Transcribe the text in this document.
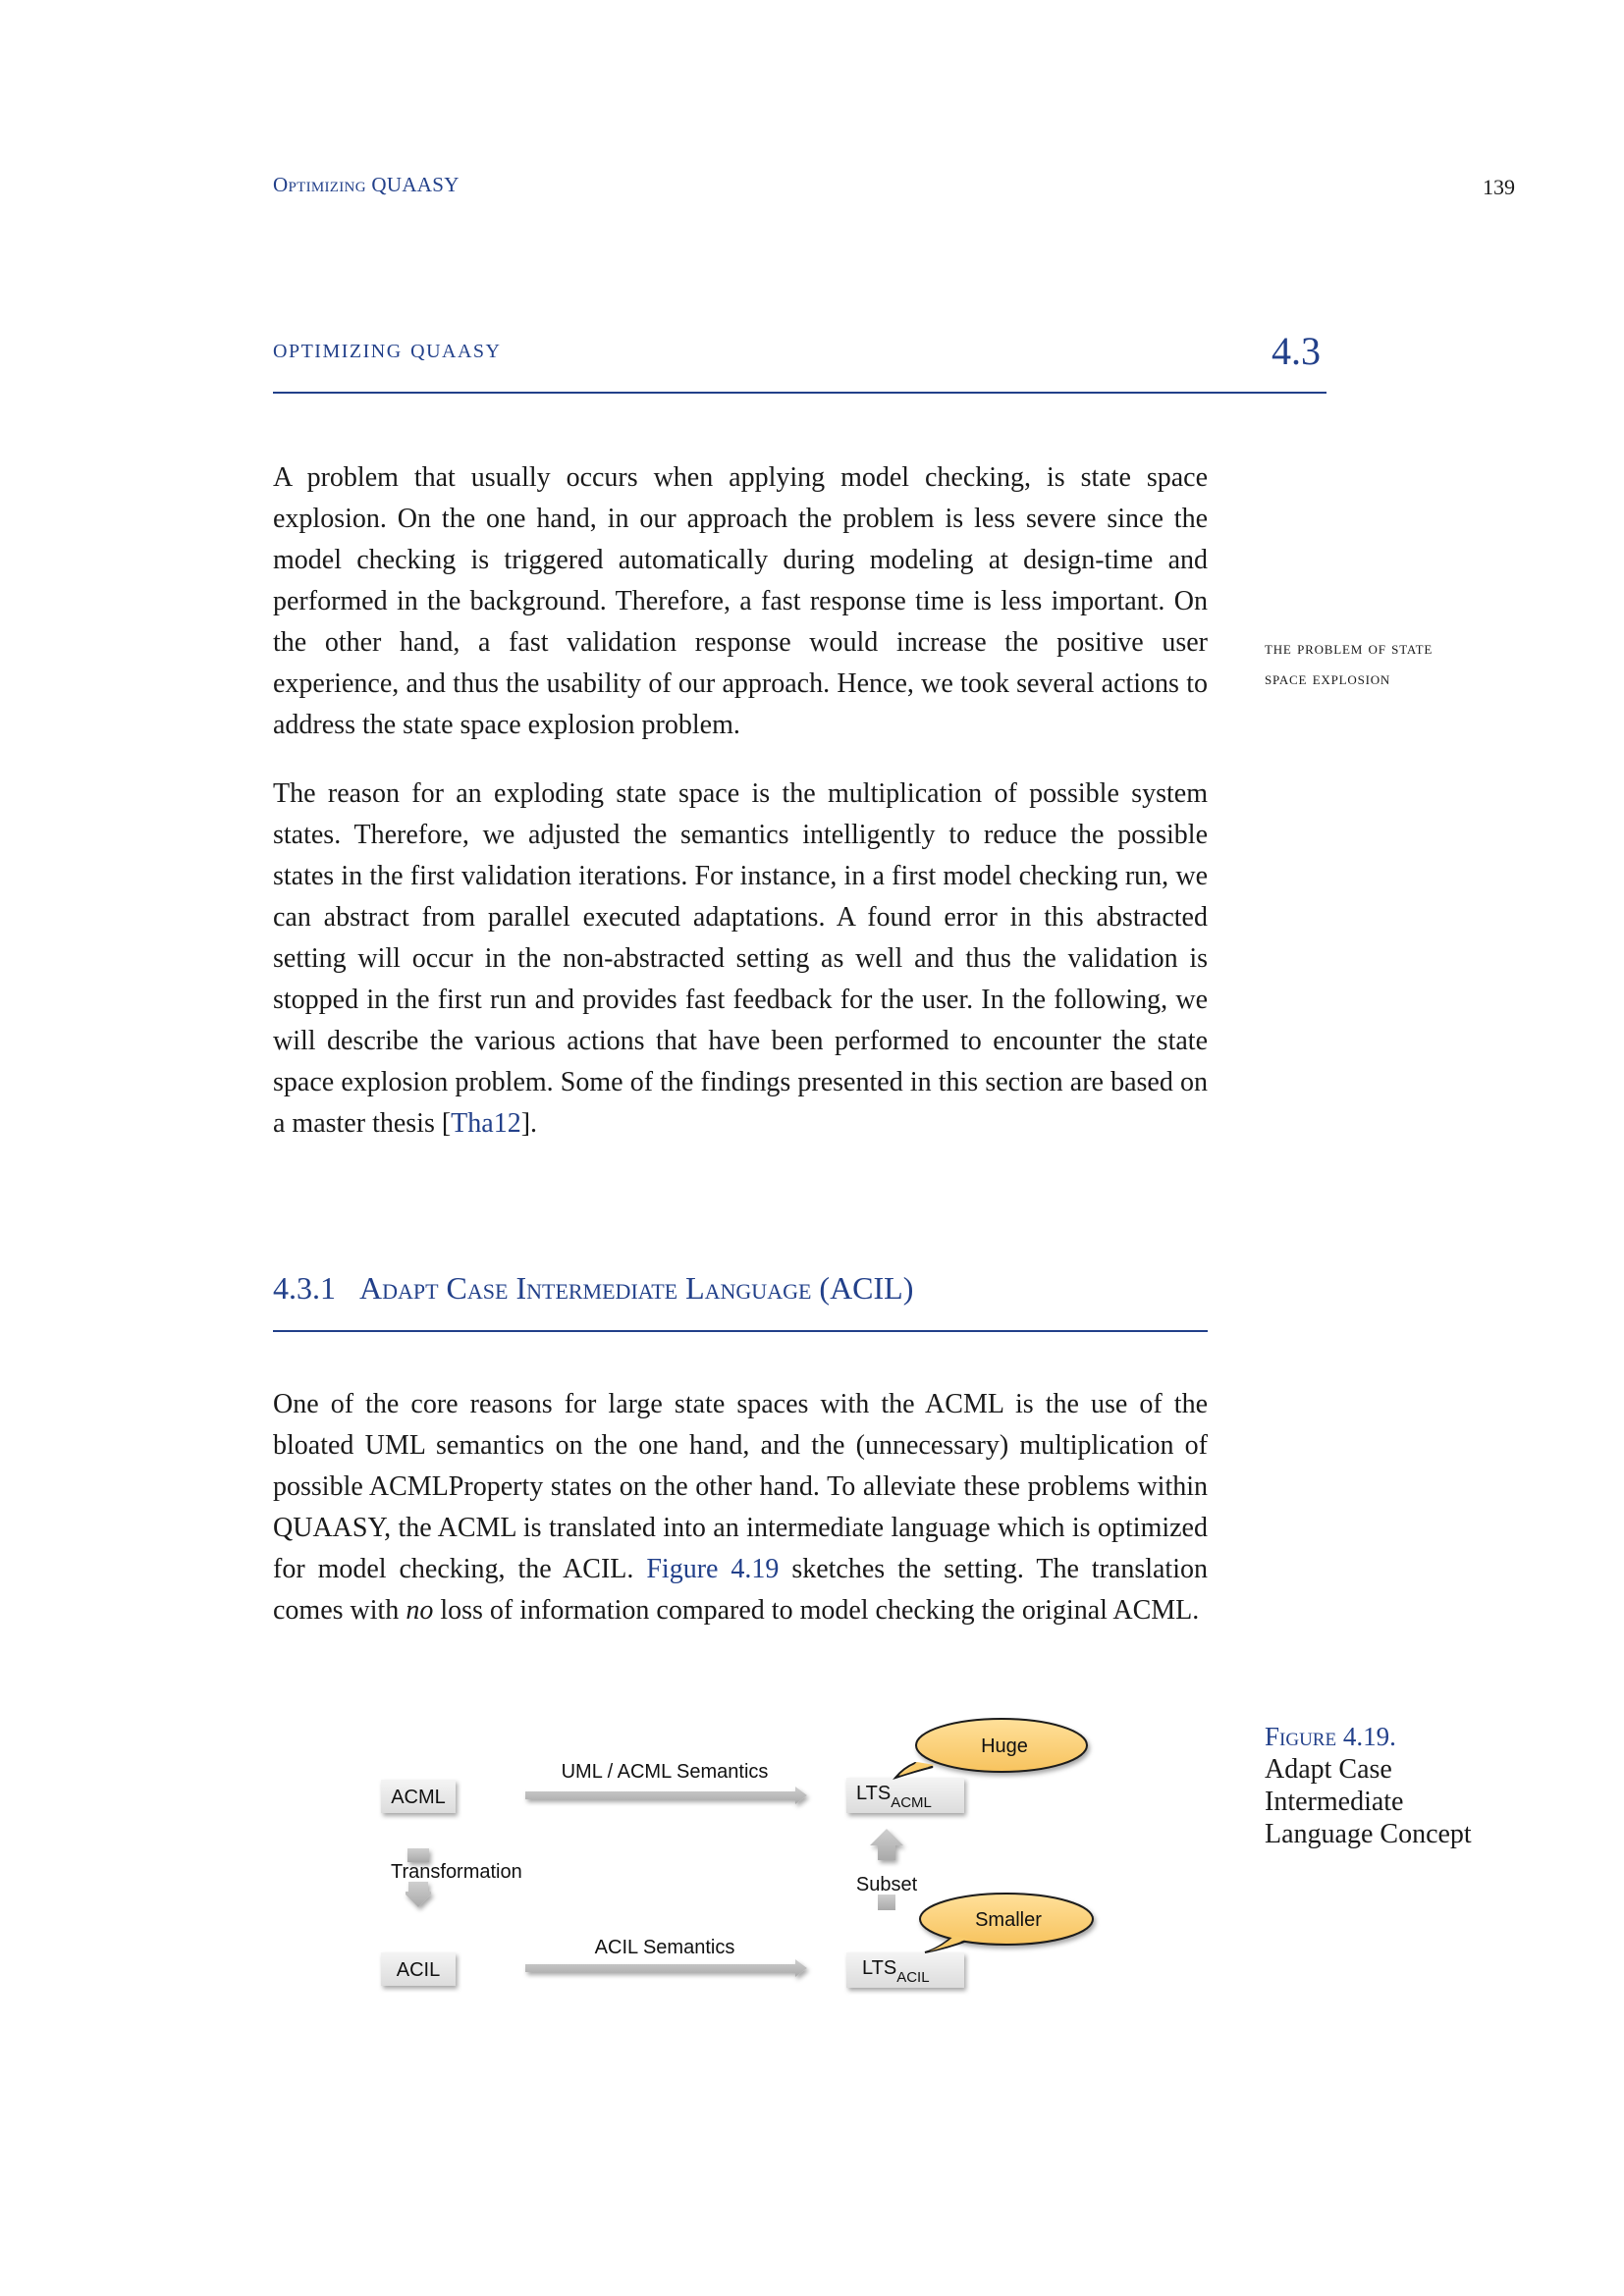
Optimizing QUAASY	139
optimizing quaasy	4.3

A problem that usually occurs when applying model checking, is state space explosion. On the one hand, in our approach the problem is less severe since the model checking is triggered automatically during modeling at design-time and performed in the background. Therefore, a fast response time is less important. On the other hand, a fast validation response would increase the positive user experience, and thus the usability of our approach. Hence, we took several actions to address the state space explosion problem.

the problem of state
space explosion

The reason for an exploding state space is the multiplication of possible system states. Therefore, we adjusted the semantics intelligently to reduce the possible states in the first validation iterations. For instance, in a first model checking run, we can abstract from parallel executed adaptations. A found error in this abstracted setting will occur in the non-abstracted setting as well and thus the validation is stopped in the first run and provides fast feedback for the user. In the following, we will describe the various actions that have been performed to encounter the state space explosion problem. Some of the findings presented in this section are based on a master thesis [Tha12].

4.3.1 Adapt Case Intermediate Language (ACIL)

One of the core reasons for large state spaces with the ACML is the use of the bloated UML semantics on the one hand, and the (unnecessary) multiplication of possible ACMLProperty states on the other hand. To alleviate these problems within QUAASY, the ACML is translated into an intermediate language which is optimized for model checking, the ACIL. Figure 4.19 sketches the setting. The translation comes with no loss of information compared to model checking the original ACML.

UML / ACML Semantics
ACIL Semantics
Transformation
Subset
ACML
ACIL
$LTS_{ACML}$
$LTS_{ACIL}$
Huge
Smaller
Figure 4.19.
Adapt Case
Intermediate
Language Concept
